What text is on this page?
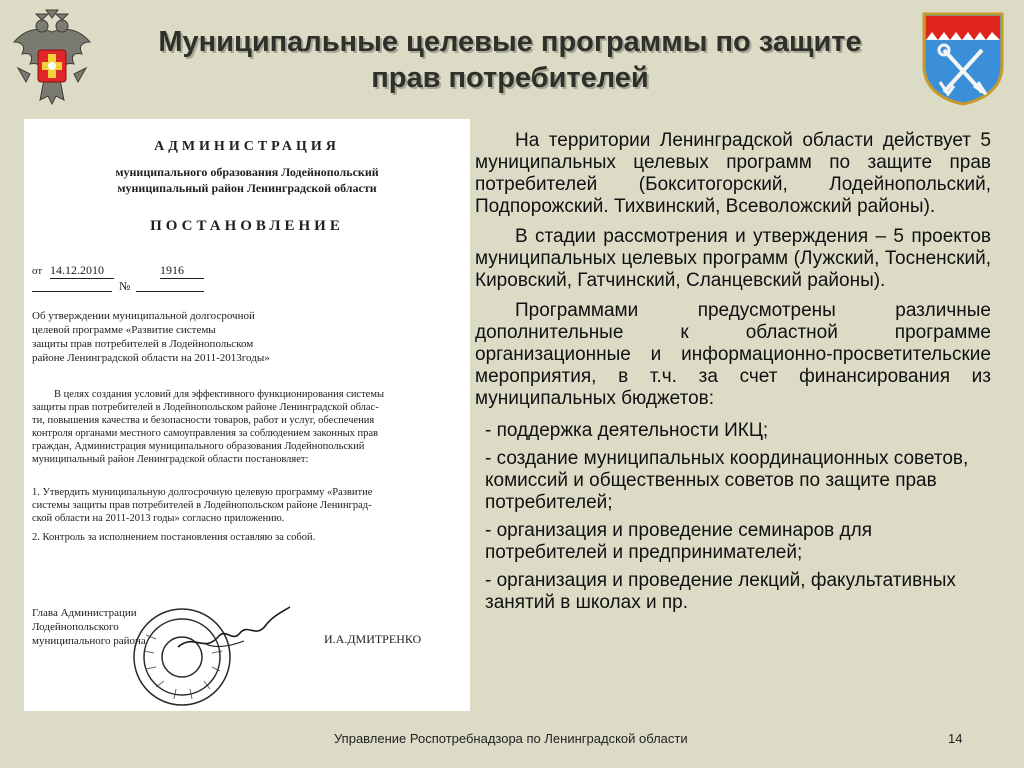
Муниципальные целевые программы по защите
прав потребителей
АДМИНИСТРАЦИЯ
муниципального образования Лодейнопольский
муниципальный район Ленинградской области
ПОСТАНОВЛЕНИЕ
от 14.12.2010
№
1916
Об утверждении муниципальной долгосрочной
целевой программе «Развитие системы
защиты прав потребителей в Лодейнопольском
районе Ленинградской области на 2011-2013годы»
В целях создания условий для эффективного функционирования системы
защиты прав потребителей в Лодейнопольском районе Ленинградской облас-
ти, повышения качества и безопасности товаров, работ и услуг, обеспечения
контроля органами местного самоуправления за соблюдением законных прав
граждан, Администрация муниципального образования Лодейнопольский
муниципальный район Ленинградской области постановляет:
1. Утвердить муниципальную долгосрочную целевую программу «Развитие
системы защиты прав потребителей в Лодейнопольском районе Ленинград-
ской области на 2011-2013 годы» согласно приложению.
2. Контроль за исполнением постановления оставляю за собой.
Глава Администрации
Лодейнопольского
муниципального района	И.А.ДМИТРЕНКО

На территории Ленинградской области действует 5 муниципальных целевых программ по защите прав потребителей (Бокситогорский, Лодейнопольский, Подпорожский. Тихвинский, Всеволожский районы).

В стадии рассмотрения и утверждения – 5 проектов муниципальных целевых программ (Лужский, Тосненский, Кировский, Гатчинский, Сланцевский районы).

Программами предусмотрены различные дополнительные к областной программе организационные и информационно-просветительские мероприятия, в т.ч. за счет финансирования из муниципальных бюджетов:

- поддержка деятельности ИКЦ;
- создание муниципальных координационных советов, комиссий и общественных советов по защите прав потребителей;
- организация и проведение семинаров для потребителей и предпринимателей;
- организация и проведение лекций, факультативных занятий в школах и пр.
Управление Роспотребнадзора по Ленинградской области	14
